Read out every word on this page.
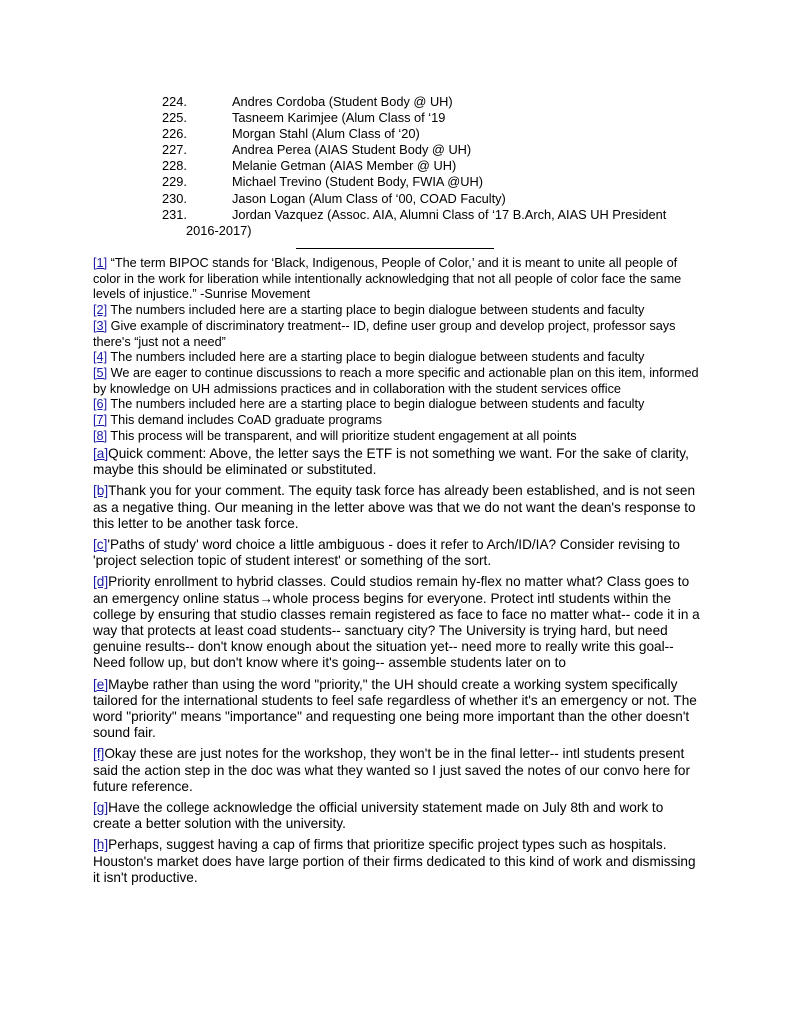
224.	Andres Cordoba (Student Body @ UH)
225.	Tasneem Karimjee (Alum Class of ‘19
226.	Morgan Stahl (Alum Class of ‘20)
227.	Andrea Perea (AIAS Student Body @ UH)
228.	Melanie Getman (AIAS Member @ UH)
229.	Michael Trevino (Student Body, FWIA @UH)
230.	Jason Logan (Alum Class of ‘00, COAD Faculty)
231.	Jordan Vazquez (Assoc. AIA, Alumni Class of ‘17 B.Arch, AIAS UH President
2016-2017)

[1] “The term BIPOC stands for ‘Black, Indigenous, People of Color,’ and it is meant to unite all people of color in the work for liberation while intentionally acknowledging that not all people of color face the same levels of injustice.” -Sunrise Movement

[2] The numbers included here are a starting place to begin dialogue between students and faculty

[3] Give example of discriminatory treatment-- ID, define user group and develop project, professor says there's “just not a need”

[4] The numbers included here are a starting place to begin dialogue between students and faculty

[5] We are eager to continue discussions to reach a more specific and actionable plan on this item, informed by knowledge on UH admissions practices and in collaboration with the student services office

[6] The numbers included here are a starting place to begin dialogue between students and faculty

[7] This demand includes CoAD graduate programs

[8] This process will be transparent, and will prioritize student engagement at all points

[a]Quick comment: Above, the letter says the ETF is not something we want. For the sake of clarity, maybe this should be eliminated or substituted.

[b]Thank you for your comment. The equity task force has already been established, and is not seen as a negative thing. Our meaning in the letter above was that we do not want the dean's response to this letter to be another task force.

[c]'Paths of study' word choice a little ambiguous - does it refer to Arch/ID/IA? Consider revising to
'project selection topic of student interest' or something of the sort.

[d]Priority enrollment to hybrid classes. Could studios remain hy-flex no matter what? Class goes to an emergency online status→whole process begins for everyone. Protect intl students within the college by ensuring that studio classes remain registered as face to face no matter what-- code it in a way that protects at least coad students-- sanctuary city? The University is trying hard, but need genuine results-- don't know enough about the situation yet-- need more to really write this goal-- Need follow up, but don't know where it's going-- assemble students later on to

[e]Maybe rather than using the word "priority," the UH should create a working system specifically tailored for the international students to feel safe regardless of whether it's an emergency or not. The word "priority" means "importance" and requesting one being more important than the other doesn't sound fair.

[f]Okay these are just notes for the workshop, they won't be in the final letter-- intl students present said the action step in the doc was what they wanted so I just saved the notes of our convo here for future reference.

[g]Have the college acknowledge the official university statement made on July 8th and work to create a better solution with the university.

[h]Perhaps, suggest having a cap of firms that prioritize specific project types such as hospitals. Houston's market does have large portion of their firms dedicated to this kind of work and dismissing it isn't productive.
